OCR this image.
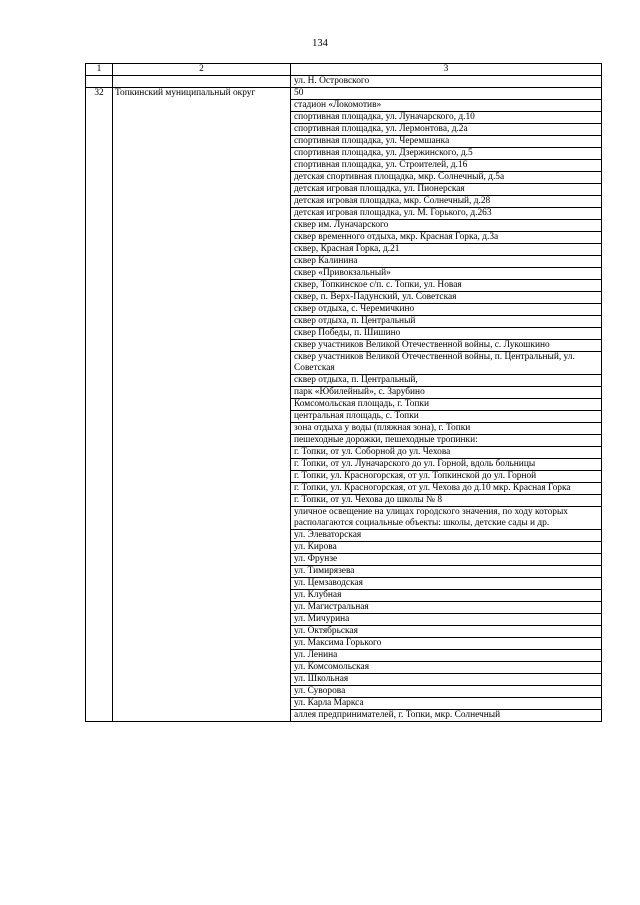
134
1	2	3
		ул. Н. Островского
32	Топкинский муниципальный округ	50
		стадион «Локомотив»
		спортивная площадка, ул. Луначарского, д.10
		спортивная площадка, ул. Лермонтова, д.2а
		спортивная площадка, ул. Черемшанка
		спортивная площадка, ул. Дзержинского, д.5
		спортивная площадка, ул. Строителей, д.16
		детская спортивная площадка, мкр. Солнечный, д.5а
		детская игровая площадка, ул. Пионерская
		детская игровая площадка, мкр. Солнечный, д.28
		детская игровая площадка, ул. М. Горького, д.263
		сквер им. Луначарского
		сквер временного отдыха, мкр. Красная Горка, д.3а
		сквер, Красная Горка, д.21
		сквер Калинина
		сквер «Привокзальный»
		сквер, Топкинское с/п. с. Топки, ул. Новая
		сквер, п. Верх-Падунский, ул. Советская
		сквер отдыха, с. Черемичкино
		сквер отдыха, п. Центральный
		сквер Победы, п. Шишино
		сквер участников Великой Отечественной войны, с. Лукошкино
		сквер участников Великой Отечественной войны, п. Центральный, ул. Советская
		сквер отдыха, п. Центральный,
		парк «Юбилейный», с. Зарубино
		Комсомольская площадь, г. Топки
		центральная площадь, с. Топки
		зона отдыха у воды (пляжная зона), г. Топки
		пешеходные дорожки, пешеходные тропинки:
		г. Топки, от ул. Соборной до ул. Чехова
		г. Топки, от ул. Луначарского до ул. Горной, вдоль больницы
		г. Топки, ул. Красногорская, от ул. Топкинской до ул. Горной
		г. Топки, ул. Красногорская, от ул. Чехова до д.10 мкр. Красная Горка
		г. Топки, от ул. Чехова до школы № 8
		уличное освещение на улицах городского значения, по ходу которых располагаются социальные объекты: школы, детские сады и др.
		ул. Элеваторская
		ул. Кирова
		ул. Фрунзе
		ул. Тимирязева
		ул. Цемзаводская
		ул. Клубная
		ул. Магистральная
		ул. Мичурина
		ул. Октябрьская
		ул. Максима Горького
		ул. Ленина
		ул. Комсомольская
		ул. Школьная
		ул. Суворова
		ул. Карла Маркса
		аллея предпринимателей, г. Топки, мкр. Солнечный
